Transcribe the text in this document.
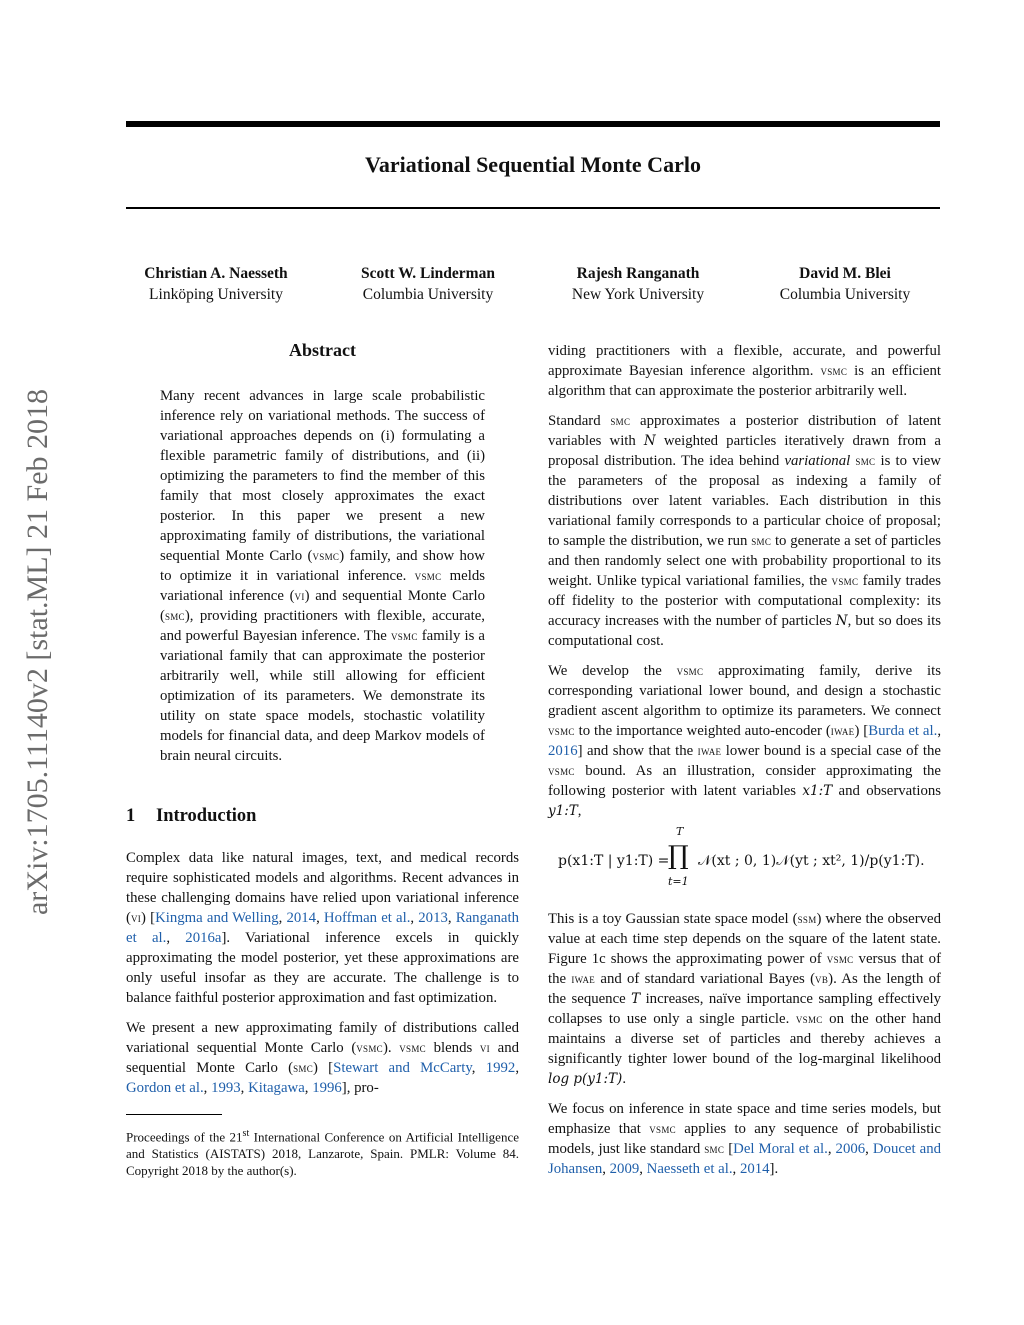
arXiv:1705.11140v2 [stat.ML] 21 Feb 2018
Variational Sequential Monte Carlo
Christian A. Naesseth
Linköping University
Scott W. Linderman
Columbia University
Rajesh Ranganath
New York University
David M. Blei
Columbia University
Abstract
Many recent advances in large scale probabilistic inference rely on variational methods. The success of variational approaches depends on (i) formulating a flexible parametric family of distributions, and (ii) optimizing the parameters to find the member of this family that most closely approximates the exact posterior. In this paper we present a new approximating family of distributions, the variational sequential Monte Carlo (vsmc) family, and show how to optimize it in variational inference. vsmc melds variational inference (vi) and sequential Monte Carlo (smc), providing practitioners with flexible, accurate, and powerful Bayesian inference. The vsmc family is a variational family that can approximate the posterior arbitrarily well, while still allowing for efficient optimization of its parameters. We demonstrate its utility on state space models, stochastic volatility models for financial data, and deep Markov models of brain neural circuits.
1 Introduction

Complex data like natural images, text, and medical records require sophisticated models and algorithms. Recent advances in these challenging domains have relied upon variational inference (vi) [Kingma and Welling, 2014, Hoffman et al., 2013, Ranganath et al., 2016a]. Variational inference excels in quickly approximating the model posterior, yet these approximations are only useful insofar as they are accurate. The challenge is to balance faithful posterior approximation and fast optimization.

We present a new approximating family of distributions called variational sequential Monte Carlo (vsmc). vsmc blends vi and sequential Monte Carlo (smc) [Stewart and McCarty, 1992, Gordon et al., 1993, Kitagawa, 1996], pro-

Proceedings of the 21st International Conference on Artificial Intelligence and Statistics (AISTATS) 2018, Lanzarote, Spain. PMLR: Volume 84. Copyright 2018 by the author(s).

viding practitioners with a flexible, accurate, and powerful approximate Bayesian inference algorithm. vsmc is an efficient algorithm that can approximate the posterior arbitrarily well.

Standard smc approximates a posterior distribution of latent variables with N weighted particles iteratively drawn from a proposal distribution. The idea behind variational smc is to view the parameters of the proposal as indexing a family of distributions over latent variables. Each distribution in this variational family corresponds to a particular choice of proposal; to sample the distribution, we run smc to generate a set of particles and then randomly select one with probability proportional to its weight. Unlike typical variational families, the vsmc family trades off fidelity to the posterior with computational complexity: its accuracy increases with the number of particles N, but so does its computational cost.

We develop the vsmc approximating family, derive its corresponding variational lower bound, and design a stochastic gradient ascent algorithm to optimize its parameters. We connect vsmc to the importance weighted auto-encoder (iwae) [Burda et al., 2016] and show that the iwae lower bound is a special case of the vsmc bound. As an illustration, consider approximating the following posterior with latent variables x1:T and observations y1:T,

p(x1:T | y1:T) =
T
∏
t=1
𝒩(xt ; 0, 1)𝒩(yt ; xt², 1)/p(y1:T).

This is a toy Gaussian state space model (ssm) where the observed value at each time step depends on the square of the latent state. Figure 1c shows the approximating power of vsmc versus that of the iwae and of standard variational Bayes (vb). As the length of the sequence T increases, naïve importance sampling effectively collapses to use only a single particle. vsmc on the other hand maintains a diverse set of particles and thereby achieves a significantly tighter lower bound of the log-marginal likelihood log p(y1:T).

We focus on inference in state space and time series models, but emphasize that vsmc applies to any sequence of probabilistic models, just like standard smc [Del Moral et al., 2006, Doucet and Johansen, 2009, Naesseth et al., 2014].
